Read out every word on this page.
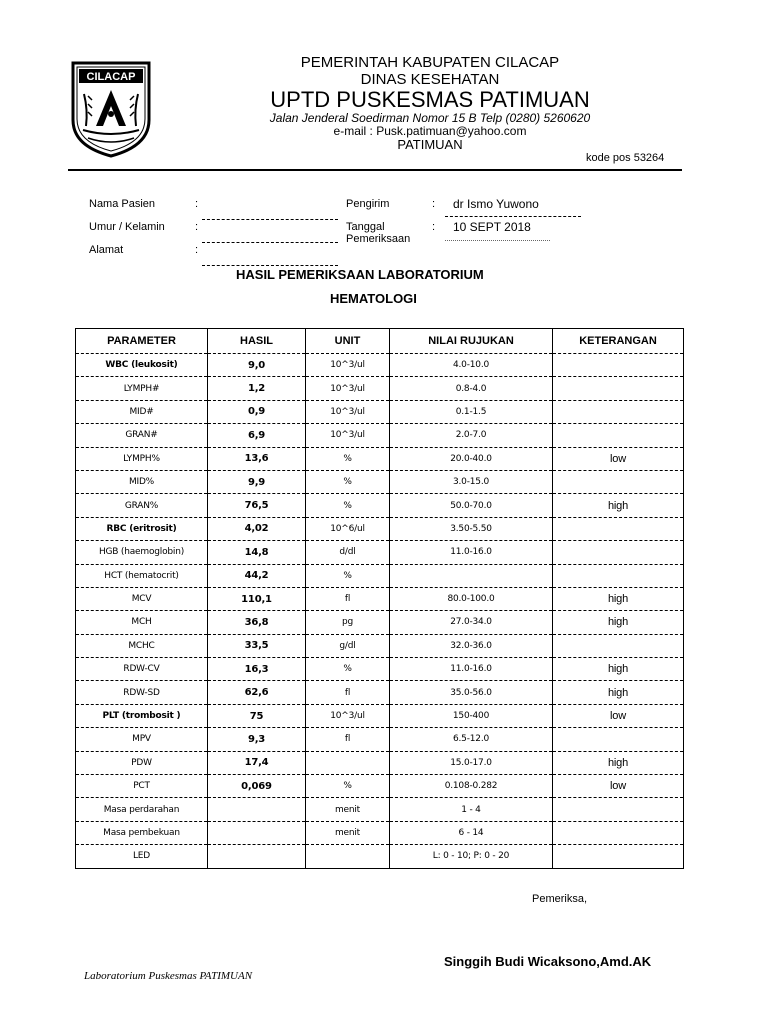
CILACAP
PEMERINTAH KABUPATEN CILACAP
DINAS KESEHATAN
UPTD PUSKESMAS PATIMUAN
Jalan Jenderal Soedirman Nomor 15 B Telp (0280) 5260620
e-mail : Pusk.patimuan@yahoo.com
PATIMUAN
kode pos 53264
Nama Pasien	:
Umur / Kelamin	:
Alamat	:
Pengirim	: dr Ismo Yuwono
Tanggal
Pemeriksaan
: 10 SEPT 2018
HASIL PEMERIKSAAN LABORATORIUM
HEMATOLOGI
PARAMETER	HASIL	UNIT	NILAI RUJUKAN	KETERANGAN
WBC (leukosit)	9,0	10^3/ul	4.0-10.0	
LYMPH#	1,2	10^3/ul	0.8-4.0	
MID#	0,9	10^3/ul	0.1-1.5	
GRAN#	6,9	10^3/ul	2.0-7.0	
LYMPH%	13,6	%	20.0-40.0	low
MID%	9,9	%	3.0-15.0	
GRAN%	76,5	%	50.0-70.0	high
RBC (eritrosit)	4,02	10^6/ul	3.50-5.50	
HGB (haemoglobin)	14,8	d/dl	11.0-16.0	
HCT (hematocrit)	44,2	%		
MCV	110,1	fl	80.0-100.0	high
MCH	36,8	pg	27.0-34.0	high
MCHC	33,5	g/dl	32.0-36.0	
RDW-CV	16,3	%	11.0-16.0	high
RDW-SD	62,6	fl	35.0-56.0	high
PLT (trombosit )	75	10^3/ul	150-400	low
MPV	9,3	fl	6.5-12.0	
PDW	17,4		15.0-17.0	high
PCT	0,069	%	0.108-0.282	low
Masa perdarahan		menit	1 - 4	
Masa pembekuan		menit	6 - 14	
LED			L: 0 - 10; P: 0 - 20	
Pemeriksa,
Singgih Budi Wicaksono,Amd.AK
Laboratorium Puskesmas PATIMUAN
